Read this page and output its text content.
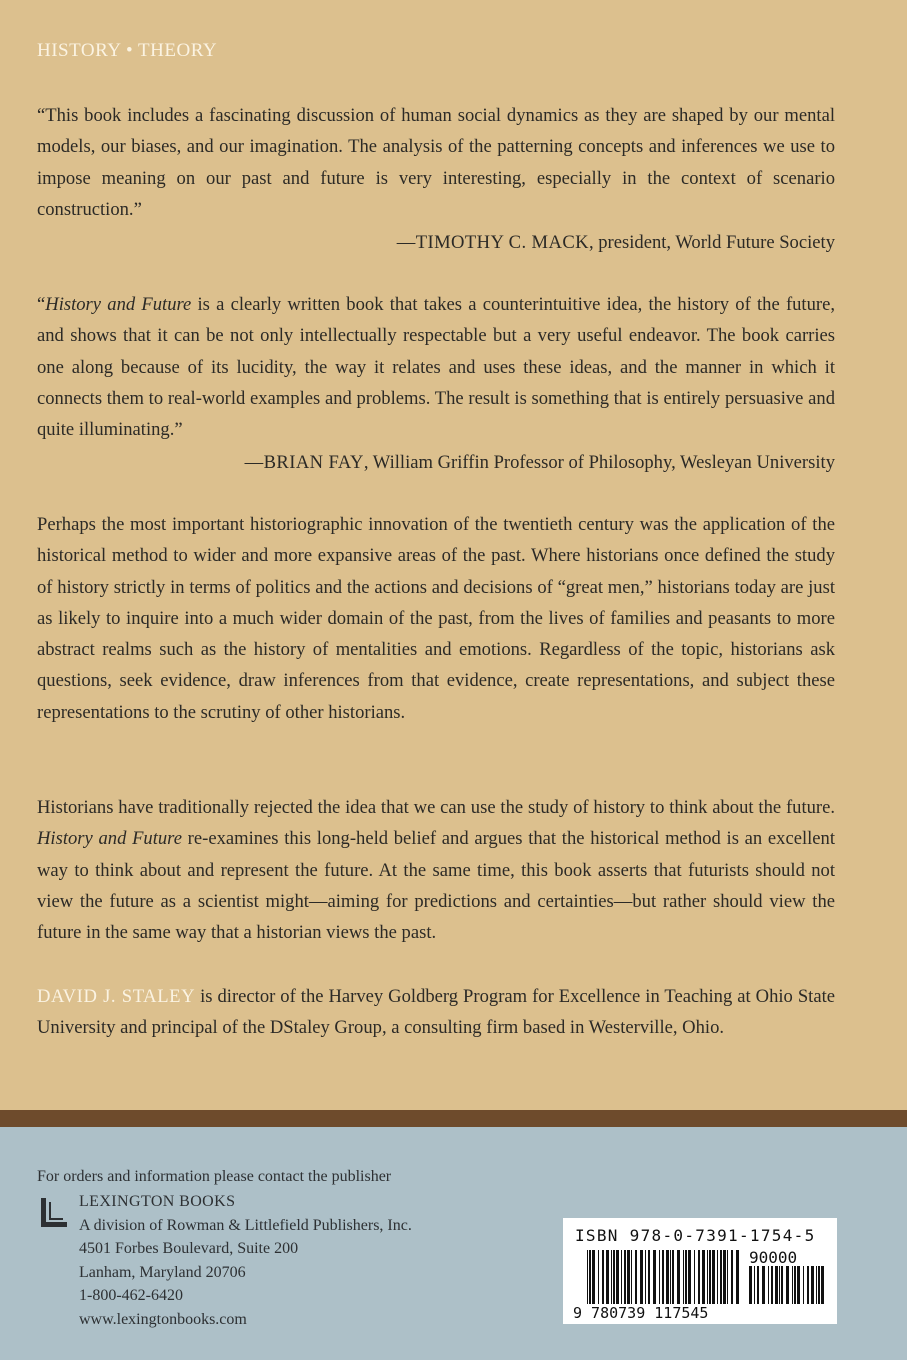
HISTORY • THEORY

“This book includes a fascinating discussion of human social dynamics as they are shaped by our mental models, our biases, and our imagination. The analysis of the patterning concepts and inferences we use to impose meaning on our past and future is very interesting, especially in the context of scenario construction.”

—TIMOTHY C. MACK, president, World Future Society

“History and Future is a clearly written book that takes a counterintuitive idea, the history of the future, and shows that it can be not only intellectually respectable but a very useful endeavor. The book carries one along because of its lucidity, the way it relates and uses these ideas, and the manner in which it connects them to real-world examples and problems. The result is something that is entirely persuasive and quite illuminating.”

—BRIAN FAY, William Griffin Professor of Philosophy, Wesleyan University

Perhaps the most important historiographic innovation of the twentieth century was the application of the historical method to wider and more expansive areas of the past. Where historians once defined the study of history strictly in terms of politics and the actions and decisions of “great men,” historians today are just as likely to inquire into a much wider domain of the past, from the lives of families and peasants to more abstract realms such as the history of mentalities and emotions. Regardless of the topic, historians ask questions, seek evidence, draw inferences from that evidence, create representations, and subject these representations to the scrutiny of other historians.

Historians have traditionally rejected the idea that we can use the study of history to think about the future. History and Future re-examines this long-held belief and argues that the historical method is an excellent way to think about and represent the future. At the same time, this book asserts that futurists should not view the future as a scientist might—aiming for predictions and certainties—but rather should view the future in the same way that a historian views the past.

DAVID J. STALEY is director of the Harvey Goldberg Program for Excellence in Teaching at Ohio State University and principal of the DStaley Group, a consulting firm based in Westerville, Ohio.

For orders and information please contact the publisher
LEXINGTON BOOKS
A division of Rowman & Littlefield Publishers, Inc.
4501 Forbes Boulevard, Suite 200
Lanham, Maryland 20706
1-800-462-6420
www.lexingtonbooks.com
ISBN 978-0-7391-1754-5
90000
9 780739 117545
